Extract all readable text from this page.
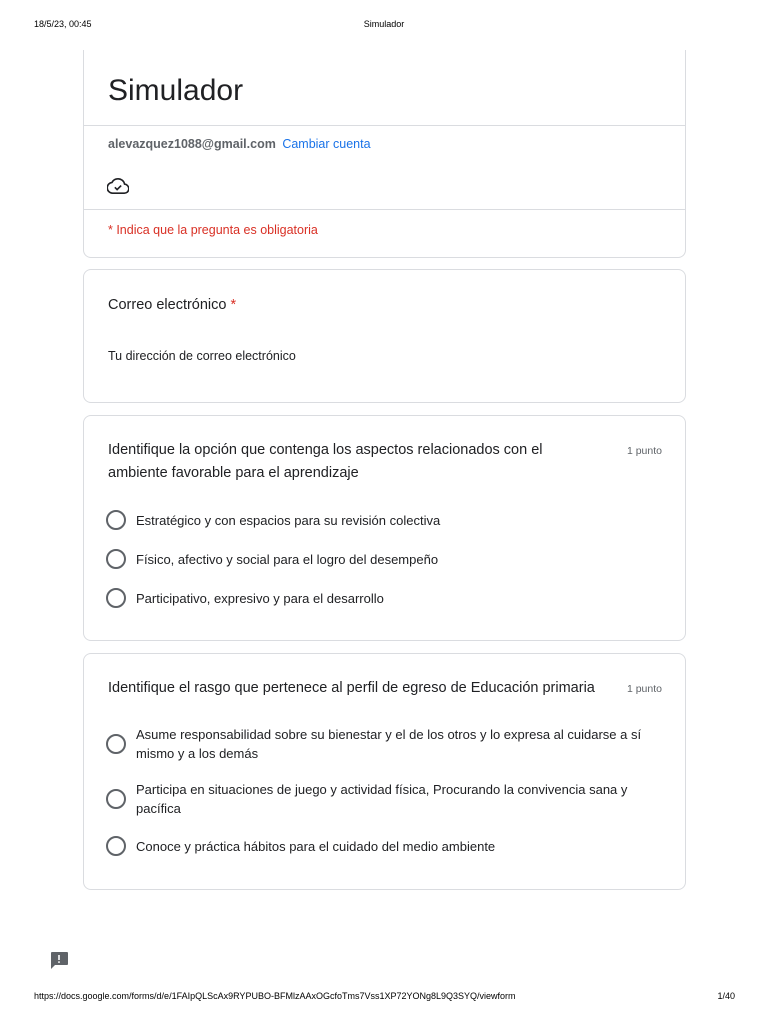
18/5/23, 00:45	Simulador
Simulador
alevazquez1088@gmail.com Cambiar cuenta
* Indica que la pregunta es obligatoria
Correo electrónico *
Tu dirección de correo electrónico
Identifique la opción que contenga los aspectos relacionados con el
ambiente favorable para el aprendizaje
1 punto
Estratégico y con espacios para su revisión colectiva
Físico, afectivo y social para el logro del desempeño
Participativo, expresivo y para el desarrollo
Identifique el rasgo que pertenece al perfil de egreso de Educación primaria	1 punto
Asume responsabilidad sobre su bienestar y el de los otros y lo expresa al cuidarse a sí mismo y a los demás
Participa en situaciones de juego y actividad física, Procurando la convivencia sana y pacífica
Conoce y práctica hábitos para el cuidado del medio ambiente
https://docs.google.com/forms/d/e/1FAIpQLScAx9RYPUBO-BFMlzAAxOGcfoTms7Vss1XP72YONg8L9Q3SYQ/viewform	1/40
